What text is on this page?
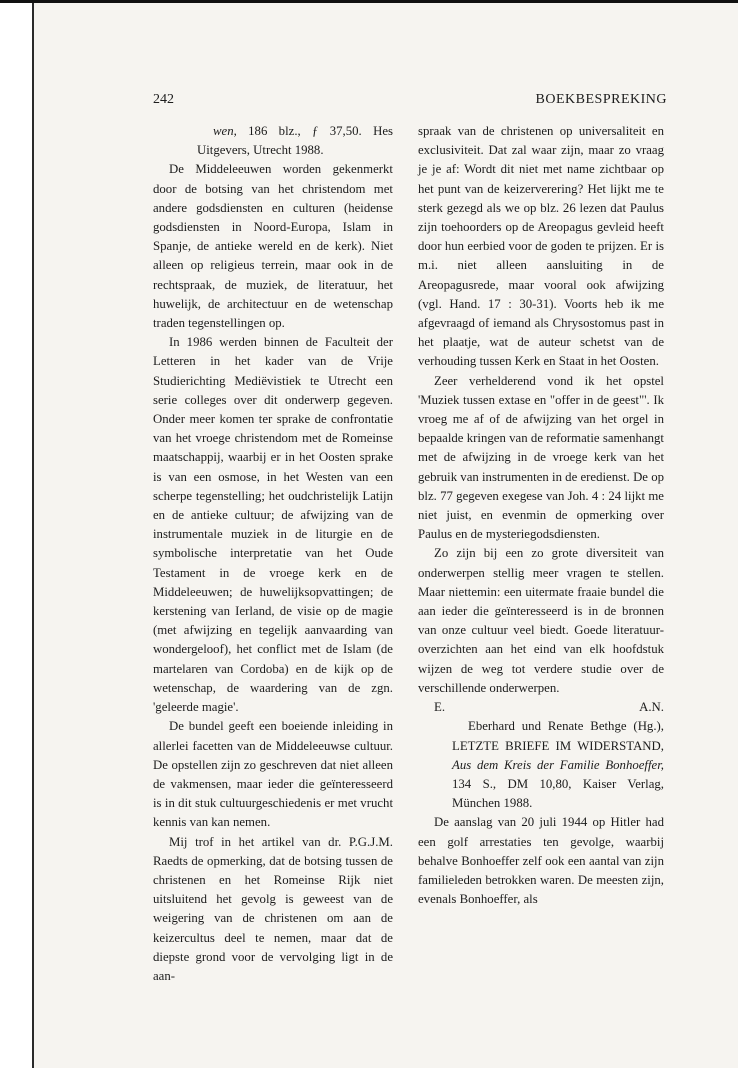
242	BOEKBESPREKING

wen, 186 blz., ƒ 37,50. Hes Uitgevers, Utrecht 1988.

De Middeleeuwen worden gekenmerkt door de botsing van het christendom met andere godsdiensten en culturen (heidense godsdiensten in Noord-Europa, Islam in Spanje, de antieke wereld en de kerk). Niet alleen op religieus terrein, maar ook in de rechtspraak, de muziek, de literatuur, het huwelijk, de architectuur en de wetenschap traden tegenstellingen op.

In 1986 werden binnen de Faculteit der Letteren in het kader van de Vrije Studierichting Mediëvistiek te Utrecht een serie colleges over dit onderwerp gegeven. Onder meer komen ter sprake de confrontatie van het vroege christendom met de Romeinse maatschappij, waarbij er in het Oosten sprake is van een osmose, in het Westen van een scherpe tegenstelling; het oudchristelijk Latijn en de antieke cultuur; de afwijzing van de instrumentale muziek in de liturgie en de symbolische interpretatie van het Oude Testament in de vroege kerk en de Middeleeuwen; de huwelijksopvattingen; de kerstening van Ierland, de visie op de magie (met afwijzing en tegelijk aanvaarding van wondergeloof), het conflict met de Islam (de martelaren van Cordoba) en de kijk op de wetenschap, de waardering van de zgn. 'geleerde magie'.

De bundel geeft een boeiende inleiding in allerlei facetten van de Middeleeuwse cultuur. De opstellen zijn zo geschreven dat niet alleen de vakmensen, maar ieder die geïnteresseerd is in dit stuk cultuurgeschiedenis er met vrucht kennis van kan nemen.

Mij trof in het artikel van dr. P.G.J.M. Raedts de opmerking, dat de botsing tussen de christenen en het Romeinse Rijk niet uitsluitend het gevolg is geweest van de weigering van de christenen om aan de keizercultus deel te nemen, maar dat de diepste grond voor de vervolging ligt in de aan-

spraak van de christenen op universaliteit en exclusiviteit. Dat zal waar zijn, maar zo vraag je je af: Wordt dit niet met name zichtbaar op het punt van de keizerverering? Het lijkt me te sterk gezegd als we op blz. 26 lezen dat Paulus zijn toehoorders op de Areopagus gevleid heeft door hun eerbied voor de goden te prijzen. Er is m.i. niet alleen aansluiting in de Areopagusrede, maar vooral ook afwijzing (vgl. Hand. 17 : 30-31). Voorts heb ik me afgevraagd of iemand als Chrysostomus past in het plaatje, wat de auteur schetst van de verhouding tussen Kerk en Staat in het Oosten.

Zeer verhelderend vond ik het opstel 'Muziek tussen extase en "offer in de geest"'. Ik vroeg me af of de afwijzing van het orgel in bepaalde kringen van de reformatie samenhangt met de afwijzing in de vroege kerk van het gebruik van instrumenten in de eredienst. De op blz. 77 gegeven exegese van Joh. 4 : 24 lijkt me niet juist, en evenmin de opmerking over Paulus en de mysteriegodsdiensten.

Zo zijn bij een zo grote diversiteit van onderwerpen stellig meer vragen te stellen. Maar niettemin: een uitermate fraaie bundel die aan ieder die geïnteresseerd is in de bronnen van onze cultuur veel biedt. Goede literatuur-overzichten aan het eind van elk hoofdstuk wijzen de weg tot verdere studie over de verschillende onderwerpen.

E.	A.N.

Eberhard und Renate Bethge (Hg.), LETZTE BRIEFE IM WIDERSTAND, Aus dem Kreis der Familie Bonhoeffer, 134 S., DM 10,80, Kaiser Verlag, München 1988.

De aanslag van 20 juli 1944 op Hitler had een golf arrestaties ten gevolge, waarbij behalve Bonhoeffer zelf ook een aantal van zijn familieleden betrokken waren. De meesten zijn, evenals Bonhoeffer, als
